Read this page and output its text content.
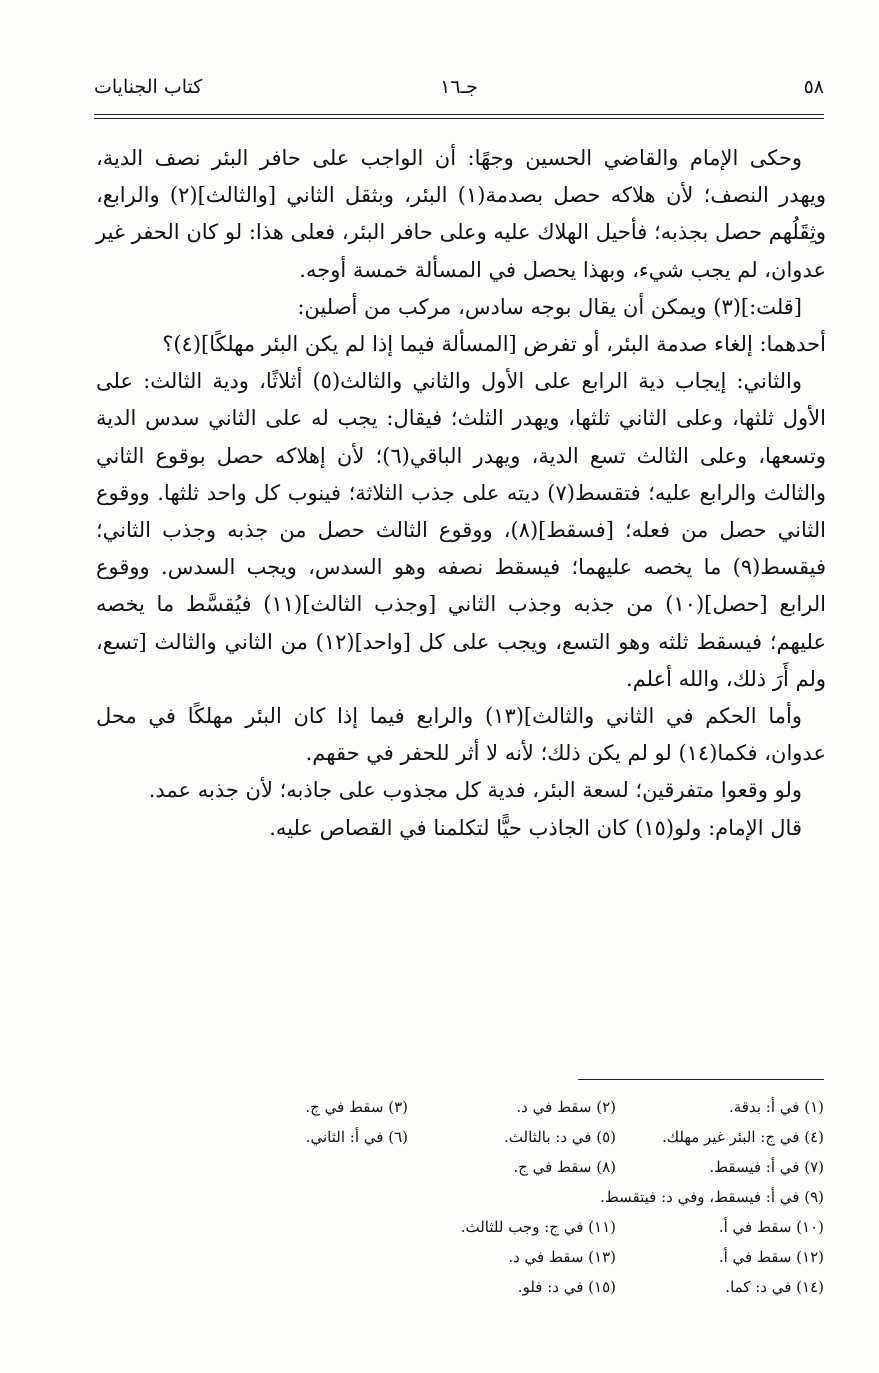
٥٨
جـ١٦
كتاب الجنايات

وحكى الإمام والقاضي الحسين وجهًا: أن الواجب على حافر البئر نصف الدية، ويهدر النصف؛ لأن هلاكه حصل بصدمة(١) البئر، وبثقل الثاني [والثالث](٢) والرابع، وثِقَلُهم حصل بجذبه؛ فأحيل الهلاك عليه وعلى حافر البئر، فعلى هذا: لو كان الحفر غير عدوان، لم يجب شيء، وبهذا يحصل في المسألة خمسة أوجه.

[قلت:](٣) ويمكن أن يقال بوجه سادس، مركب من أصلين:

أحدهما: إلغاء صدمة البئر، أو تفرض [المسألة فيما إذا لم يكن البئر مهلكًا](٤)؟

والثاني: إيجاب دية الرابع على الأول والثاني والثالث(٥) أثلاثًا، ودية الثالث: على الأول ثلثها، وعلى الثاني ثلثها، ويهدر الثلث؛ فيقال: يجب له على الثاني سدس الدية وتسعها، وعلى الثالث تسع الدية، ويهدر الباقي(٦)؛ لأن إهلاكه حصل بوقوع الثاني والثالث والرابع عليه؛ فتقسط(٧) ديته على جذب الثلاثة؛ فينوب كل واحد ثلثها. ووقوع الثاني حصل من فعله؛ [فسقط](٨)، ووقوع الثالث حصل من جذبه وجذب الثاني؛ فيقسط(٩) ما يخصه عليهما؛ فيسقط نصفه وهو السدس، ويجب السدس. ووقوع الرابع [حصل](١٠) من جذبه وجذب الثاني [وجذب الثالث](١١) فيُقسَّط ما يخصه عليهم؛ فيسقط ثلثه وهو التسع، ويجب على كل [واحد](١٢) من الثاني والثالث [تسع، ولم أَرَ ذلك، والله أعلم.

وأما الحكم في الثاني والثالث](١٣) والرابع فيما إذا كان البئر مهلكًا في محل عدوان، فكما(١٤) لو لم يكن ذلك؛ لأنه لا أثر للحفر في حقهم.

ولو وقعوا متفرقين؛ لسعة البئر، فدية كل مجذوب على جاذبه؛ لأن جذبه عمد.

قال الإمام: ولو(١٥) كان الجاذب حيًّا لتكلمنا في القصاص عليه.

(١) في أ: بدقة.
(٢) سقط في د.
(٣) سقط في ج.
(٤) في ج: البئر غير مهلك.
(٥) في د: بالثالث.
(٦) في أ: الثاني.
(٧) في أ: فيسقط.
(٨) سقط في ج.
(٩) في أ: فيسقط، وفي د: فيتقسط.
(١٠) سقط في أ.
(١١) في ج: وجب للثالث.
(١٢) سقط في أ.
(١٣) سقط في د.
(١٤) في د: كما.
(١٥) في د: فلو.
